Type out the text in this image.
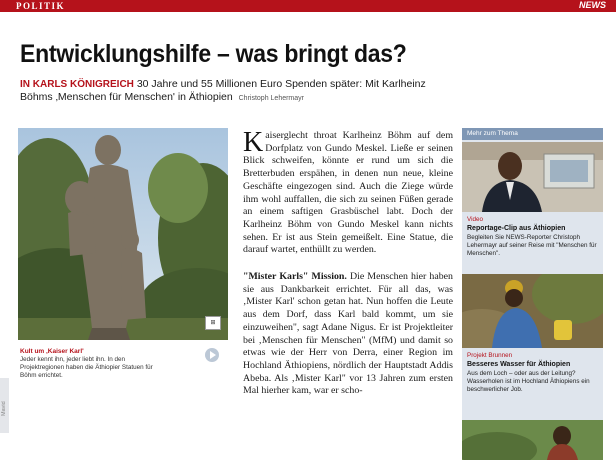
POLITIK	NEWS
Entwicklungshilfe – was bringt das?
IN KARLS KÖNIGREICH 30 Jahre und 55 Millionen Euro Spenden später: Mit Karlheinz Böhms ‚Menschen für Menschen' in Äthiopien Christoph Lehermayr
⊞
Kult um ‚Kaiser Karl'
Jeder kennt ihn, jeder liebt ihn. In den Projektregionen haben die Äthiopier Statuen für Böhm errichtet.
Mavid

Kaiserglecht throat Karlheinz Böhm auf dem Dorfplatz von Gundo Meskel. Ließe er seinen Blick schweifen, könnte er rund um sich die Bretterbuden erspähen, in denen nun neue, kleine Geschäfte eingezogen sind. Auch die Ziege würde ihm wohl auffallen, die sich zu seinen Füßen gerade an einem saftigen Grasbüschel labt. Doch der Karlheinz Böhm von Gundo Meskel kann nichts sehen. Er ist aus Stein gemeißelt. Eine Statue, die darauf wartet, enthüllt zu werden.

"Mister Karls" Mission. Die Menschen hier haben sie aus Dankbarkeit errichtet. Für all das, was ‚Mister Karl' schon getan hat. Nun hoffen die Leute aus dem Dorf, dass Karl bald kommt, um sie einzuweihen", sagt Adane Nigus. Er ist Projektleiter bei ‚Menschen für Menschen" (MfM) und damit so etwas wie der Herr von Derra, einer Region im Hochland Äthiopiens, nördlich der Hauptstadt Addis Abeba. Als ‚Mister Karl" vor 13 Jahren zum ersten Mal hierher kam, war er scho-

Mehr zum Thema
Video
Reportage-Clip aus Äthiopien
Begleiten Sie NEWS-Reporter Christoph Lehermayr auf seiner Reise mit "Menschen für Menschen".
Projekt Brunnen
Besseres Wasser für Äthiopien
Aus dem Loch – oder aus der Leitung? Wasserholen ist im Hochland Äthiopiens ein beschwerlicher Job.
